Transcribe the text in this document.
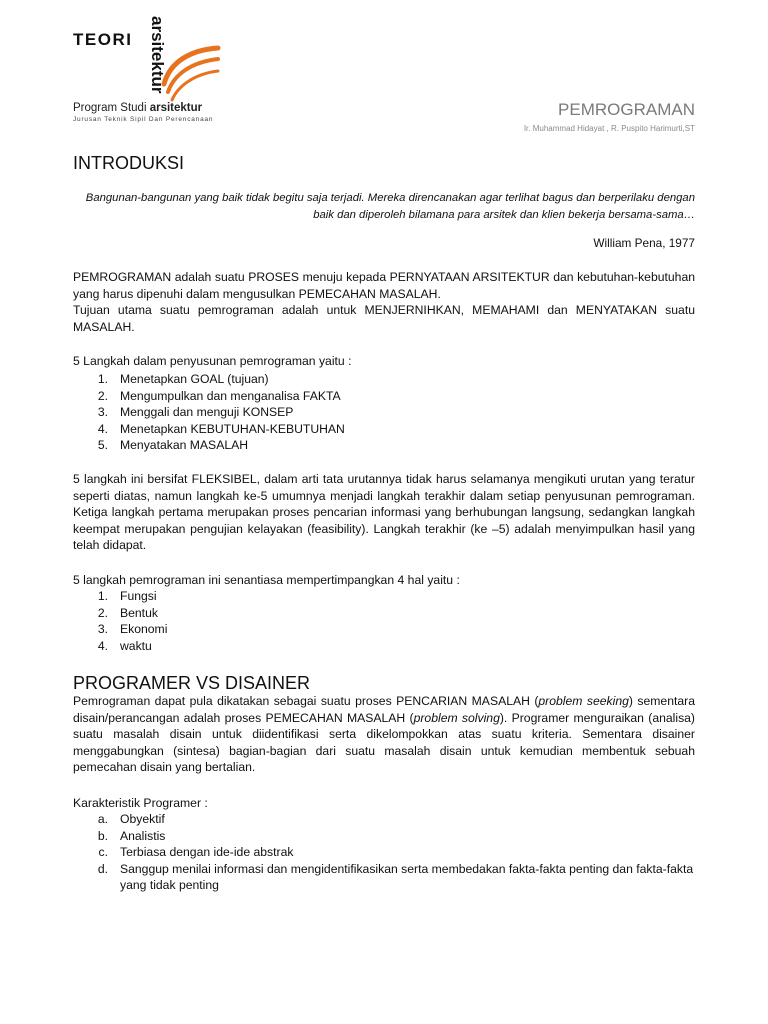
TEORI arsitektur
Program Studi arsitektur
Jurusan Teknik Sipil Dan Perencanaan
PEMROGRAMAN
Ir. Muhammad Hidayat , R. Puspito Harimurti,ST
INTRODUKSI
Bangunan-bangunan yang baik tidak begitu saja terjadi. Mereka direncanakan agar terlihat bagus dan berperilaku dengan baik dan diperoleh bilamana para arsitek dan klien bekerja bersama-sama…
William Pena, 1977
PEMROGRAMAN adalah suatu PROSES menuju kepada PERNYATAAN ARSITEKTUR dan kebutuhan-kebutuhan yang harus dipenuhi dalam mengusulkan PEMECAHAN MASALAH.
Tujuan utama suatu pemrograman adalah untuk MENJERNIHKAN, MEMAHAMI dan MENYATAKAN suatu MASALAH.
5 Langkah dalam penyusunan pemrograman yaitu :
1. Menetapkan GOAL (tujuan)
2. Mengumpulkan dan menganalisa FAKTA
3. Menggali dan menguji KONSEP
4. Menetapkan KEBUTUHAN-KEBUTUHAN
5. Menyatakan MASALAH
5 langkah ini bersifat FLEKSIBEL, dalam arti tata urutannya tidak harus selamanya mengikuti urutan yang teratur seperti diatas, namun langkah ke-5 umumnya menjadi langkah terakhir dalam setiap penyusunan pemrograman. Ketiga langkah pertama merupakan proses pencarian informasi yang berhubungan langsung, sedangkan langkah keempat merupakan pengujian kelayakan (feasibility). Langkah terakhir (ke –5) adalah menyimpulkan hasil yang telah didapat.
5 langkah pemrograman ini senantiasa mempertimpangkan 4 hal yaitu :
1. Fungsi
2. Bentuk
3. Ekonomi
4. waktu
PROGRAMER VS DISAINER
Pemrograman dapat pula dikatakan sebagai suatu proses PENCARIAN MASALAH (problem seeking) sementara disain/perancangan adalah proses PEMECAHAN MASALAH (problem solving). Programer menguraikan (analisa) suatu masalah disain untuk diidentifikasi serta dikelompokkan atas suatu kriteria. Sementara disainer menggabungkan (sintesa) bagian-bagian dari suatu masalah disain untuk kemudian membentuk sebuah pemecahan disain yang bertalian.
Karakteristik Programer :
a. Obyektif
b. Analistis
c. Terbiasa dengan ide-ide abstrak
d. Sanggup menilai informasi dan mengidentifikasikan serta membedakan fakta-fakta penting dan fakta-fakta yang tidak penting
